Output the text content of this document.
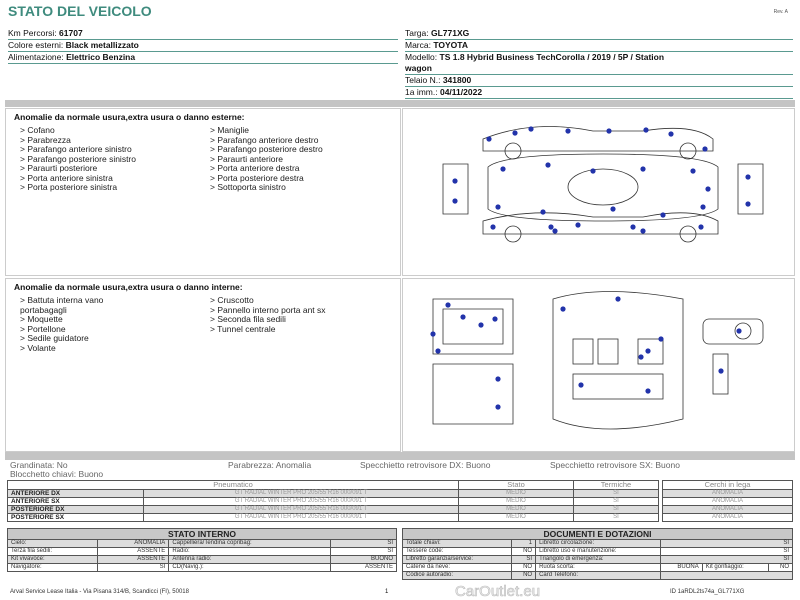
STATO DEL VEICOLO	Rev. A
Km Percorsi: 61707
Colore esterni: Black metallizzato
Alimentazione: Elettrico Benzina
Targa: GL771XG
Marca: TOYOTA
Modello: TS 1.8 Hybrid Business TechCorolla / 2019 / 5P / Station
wagon
Telaio N.: 341800
1a imm.: 04/11/2022
Anomalie da normale usura,extra usura o danno esterne:

> Cofano

> Parabrezza

> Parafango anteriore sinistro

> Parafango posteriore sinistro

> Paraurti posteriore

> Porta anteriore sinistra

> Porta posteriore sinistra

> Maniglie

> Parafango anteriore destro

> Parafango posteriore destro

> Paraurti anteriore

> Porta anteriore destra

> Porta posteriore destra

> Sottoporta sinistro

Anomalie da normale usura,extra usura o danno interne:

> Battuta interna vano

portabagagli

> Moquette

> Portellone

> Sedile guidatore

> Volante

> Cruscotto

> Pannello interno porta ant sx

> Seconda fila sedili

> Tunnel centrale

Grandinata: No
Blocchetto chiavi: Buono
Parabrezza: Anomalia	Specchietto retrovisore DX: Buono	Specchietto retrovisore SX: Buono
Pneumatico		Stato	Termiche
ANTERIORE DX	GT RADIAL WINTER PRO 205/55 R16 000/091 T	MEDIO	SI
ANTERIORE SX	GT RADIAL WINTER PRO 205/55 R16 000/091 T	MEDIO	SI
POSTERIORE DX	GT RADIAL WINTER PRO 205/55 R16 000/091 T	MEDIO	SI
POSTERIORE SX	GT RADIAL WINTER PRO 205/55 R16 000/091 T	MEDIO	SI
Cerchi in lega
ANOMALIA
ANOMALIA
ANOMALIA
ANOMALIA
STATO INTERNO			
Cielo:	ANOMALIA	Cappelliera/Tendina copribag:	SI
Terza fila sedili:	ASSENTE	Radio:	SI
Kit vivavoce:	ASSENTE	Antenna radio:	BUONO
Navigatore:	SI	CD(Navig.):	ASSENTE
DOCUMENTI E DOTAZIONI					
Totale chiavi:	1	Libretto circolazione:	SI		
Tessere code:	NO	Libretto uso e manutenzione:	SI		
Libretto garanzia/service:	SI	Triangolo di emergenza:	SI		
Catene da neve:	NO	Ruota scorta:	BUONA	Kit gonfiaggio:	NO
Codice autoradio:	NO	Card Telefono:			
CarOutlet.eu
Arval Service Lease Italia - Via Pisana 314/B, Scandicci (FI), 50018	1	ID 1aRDL2ts74a_GL771XG
